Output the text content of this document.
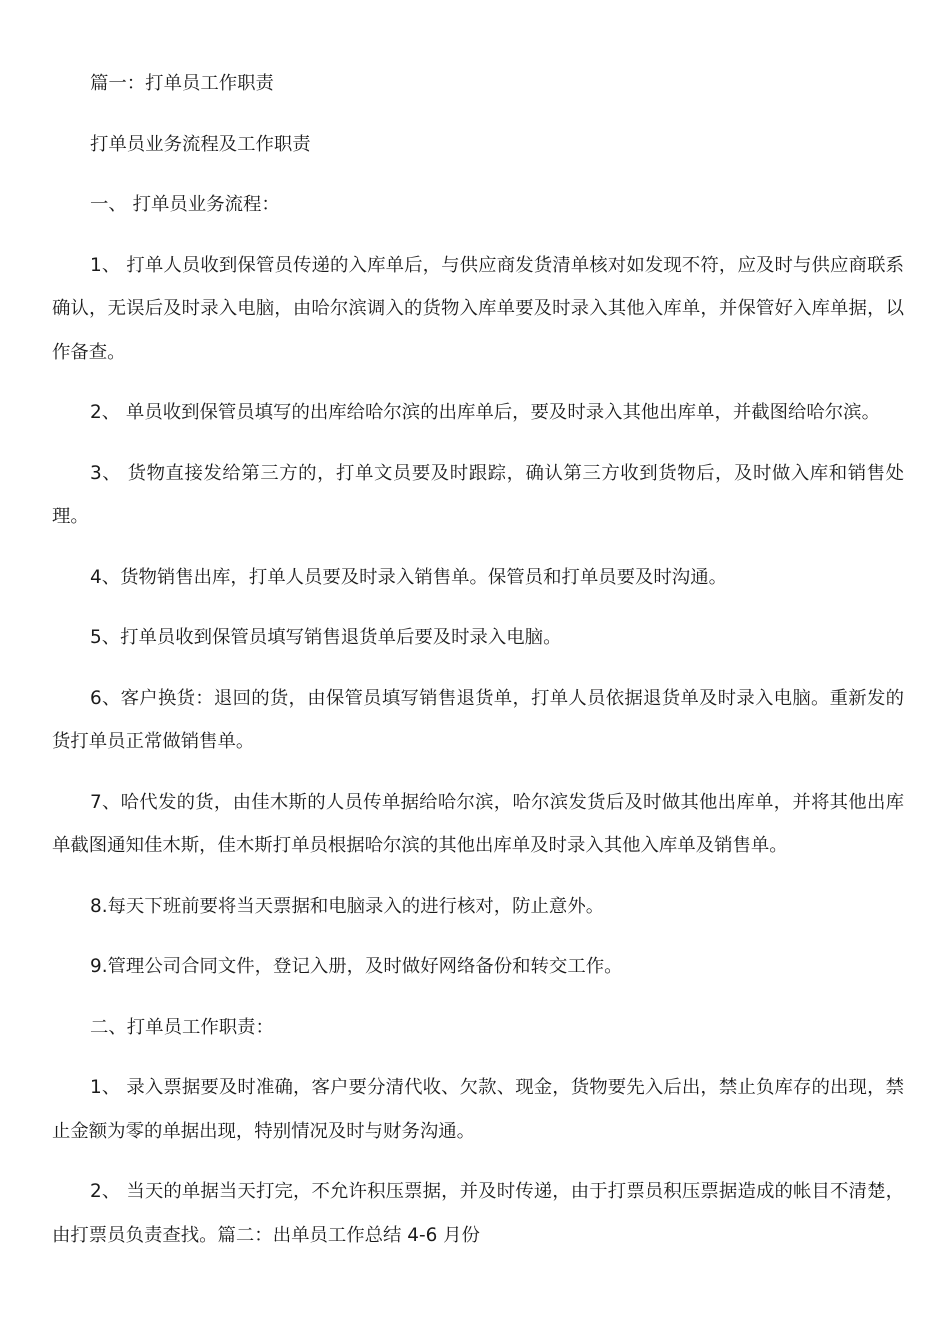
篇一：打单员工作职责

打单员业务流程及工作职责

一、 打单员业务流程：

1、 打单人员收到保管员传递的入库单后，与供应商发货清单核对如发现不符，应及时与供应商联系确认，无误后及时录入电脑，由哈尔滨调入的货物入库单要及时录入其他入库单，并保管好入库单据，以作备查。

2、 单员收到保管员填写的出库给哈尔滨的出库单后，要及时录入其他出库单，并截图给哈尔滨。

3、 货物直接发给第三方的，打单文员要及时跟踪，确认第三方收到货物后，及时做入库和销售处理。

4、货物销售出库，打单人员要及时录入销售单。保管员和打单员要及时沟通。

5、打单员收到保管员填写销售退货单后要及时录入电脑。

6、客户换货：退回的货，由保管员填写销售退货单，打单人员依据退货单及时录入电脑。重新发的货打单员正常做销售单。

7、哈代发的货，由佳木斯的人员传单据给哈尔滨，哈尔滨发货后及时做其他出库单，并将其他出库单截图通知佳木斯，佳木斯打单员根据哈尔滨的其他出库单及时录入其他入库单及销售单。

8.每天下班前要将当天票据和电脑录入的进行核对，防止意外。

9.管理公司合同文件，登记入册，及时做好网络备份和转交工作。

二、打单员工作职责：

1、 录入票据要及时准确，客户要分清代收、欠款、现金，货物要先入后出，禁止负库存的出现，禁止金额为零的单据出现，特别情况及时与财务沟通。

2、 当天的单据当天打完，不允许积压票据，并及时传递，由于打票员积压票据造成的帐目不清楚，由打票员负责查找。篇二：出单员工作总结 4-6 月份
